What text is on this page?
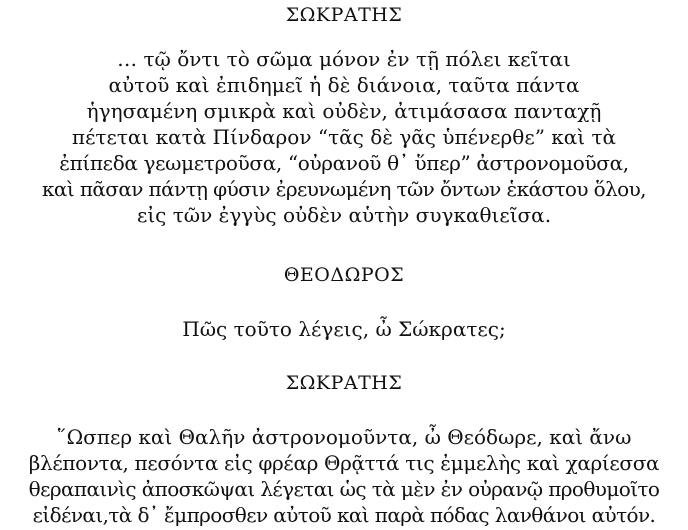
ΣΩΚΡΑΤΗΣ
… τῷ ὄντι τὸ σῶμα μόνον ἐν τῇ πόλει κεῖται
αὐτοῦ καὶ ἐπιδημεῖ ἡ δὲ διάνοια, ταῦτα πάντα
ἡγησαμένη σμικρὰ καὶ οὐδὲν, ἀτιμάσασα πανταχῇ
πέτεται κατὰ Πίνδαρον “τᾶς δὲ γᾶς ὑπένερθε” καὶ τὰ
ἐπίπεδα γεωμετροῦσα, “οὐρανοῦ θ᾽ ὕπερ” ἀστρονομοῦσα,
καὶ πᾶσαν πάντῃ φύσιν ἐρευνωμένη τῶν ὄντων ἑκάστου ὅλου,
εἰς τῶν ἐγγὺς οὐδὲν αὑτὴν συγκαθιεῖσα.
ΘΕΟΔΩΡΟΣ
Πῶς τοῦτο λέγεις, ὦ Σώκρατες;
ΣΩΚΡΑΤΗΣ
῞Ωσπερ καὶ Θαλῆν ἀστρονομοῦντα, ὦ Θεόδωρε, καὶ ἄνω
βλέποντα, πεσόντα εἰς φρέαρ Θρᾷττά τις ἐμμελὴς καὶ χαρίεσσα
θεραπαινὶς ἀποσκῶψαι λέγεται ὡς τὰ μὲν ἐν οὐρανῷ προθυμοῖτο
εἰδέναι,τὰ δ᾽ ἔμπροσθεν αὐτοῦ καὶ παρὰ πόδας λανθάνοι αὐτόν.
